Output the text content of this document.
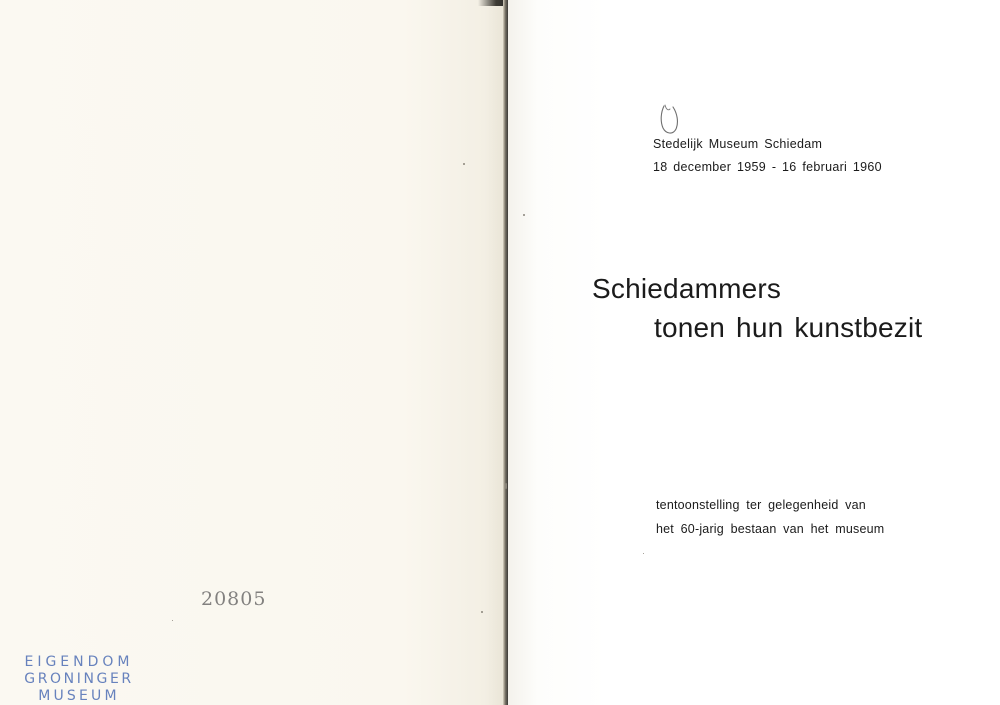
20805
EIGENDOM
GRONINGER
MUSEUM

Stedelijk Museum Schiedam

18 december 1959 - 16 februari 1960

Schiedammers
tonen hun kunstbezit

tentoonstelling ter gelegenheid van

het 60-jarig bestaan van het museum
